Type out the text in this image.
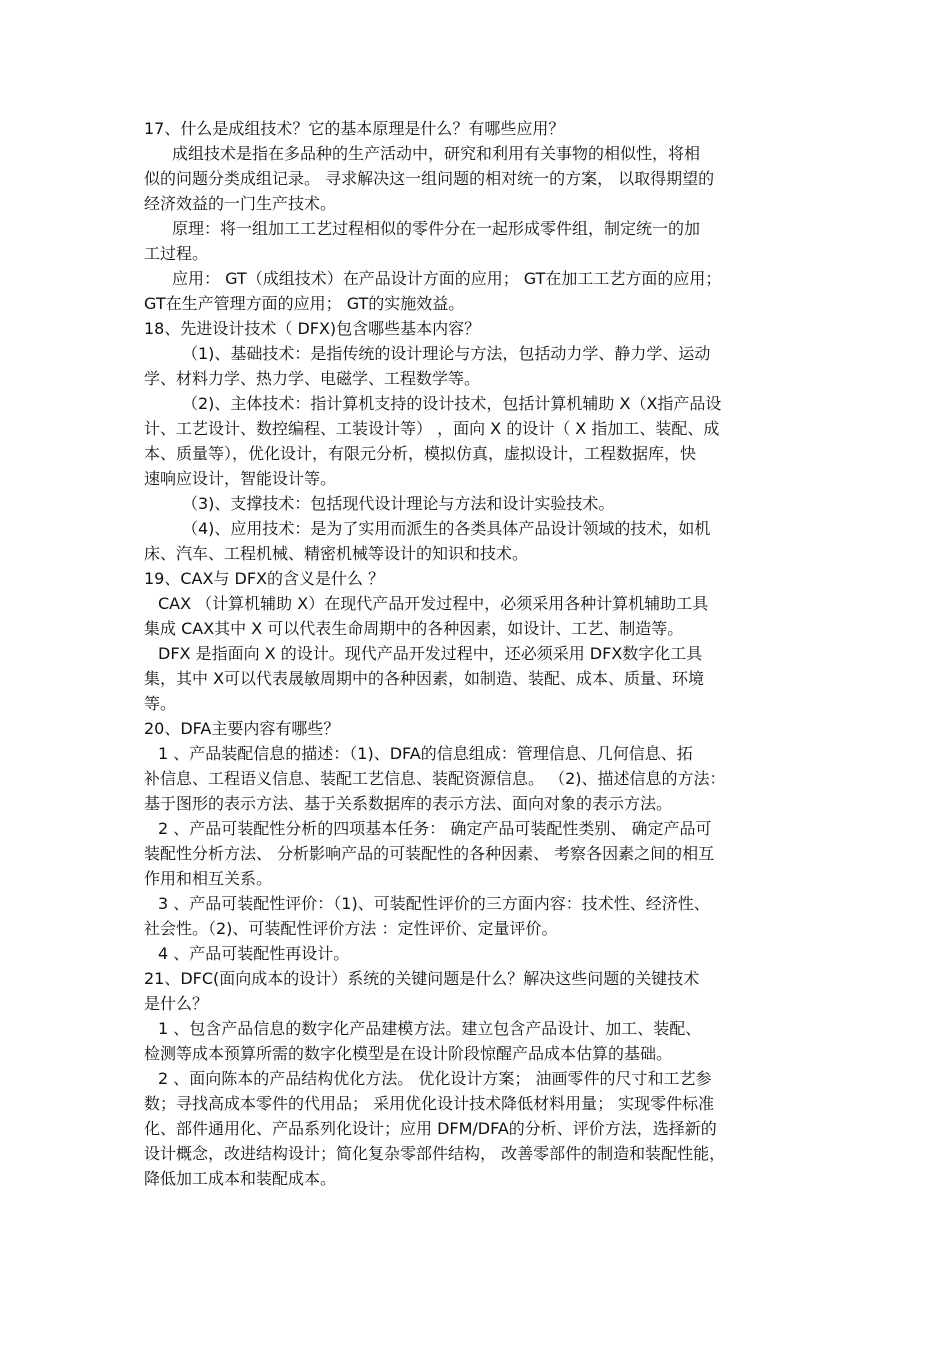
17、什么是成组技术？它的基本原理是什么？有哪些应用？
成组技术是指在多品种的生产活动中，研究和利用有关事物的相似性，将相
似的问题分类成组记录。 寻求解决这一组问题的相对统一的方案， 以取得期望的
经济效益的一门生产技术。
原理：将一组加工工艺过程相似的零件分在一起形成零件组，制定统一的加
工过程。
应用： GT（成组技术）在产品设计方面的应用； GT在加工工艺方面的应用；
GT在生产管理方面的应用； GT的实施效益。
18、先进设计技术（ DFX)包含哪些基本内容？
（1)、基础技术：是指传统的设计理论与方法，包括动力学、静力学、运动
学、材料力学、热力学、电磁学、工程数学等。
（2)、主体技术：指计算机支持的设计技术，包括计算机辅助 X（X指产品设
计、工艺设计、数控编程、工装设计等） ，面向 X 的设计（ X 指加工、装配、成
本、质量等），优化设计，有限元分析，模拟仿真，虚拟设计，工程数据库，快
速响应设计，智能设计等。
（3)、支撑技术：包括现代设计理论与方法和设计实验技术。
（4)、应用技术：是为了实用而派生的各类具体产品设计领域的技术，如机
床、汽车、工程机械、精密机械等设计的知识和技术。
19、CAX与 DFX的含义是什么 ？
CAX （计算机辅助 X）在现代产品开发过程中，必须采用各种计算机辅助工具
集成 CAX其中 X 可以代表生命周期中的各种因素，如设计、工艺、制造等。
DFX 是指面向 X 的设计。现代产品开发过程中，还必须采用 DFX数字化工具
集，其中 X可以代表晟敏周期中的各种因素，如制造、装配、成本、质量、环境
等。
20、DFA主要内容有哪些？
1 、产品装配信息的描述：（1)、DFA的信息组成：管理信息、几何信息、拓
补信息、工程语义信息、装配工艺信息、装配资源信息。 （2)、描述信息的方法：
基于图形的表示方法、基于关系数据库的表示方法、面向对象的表示方法。
2 、产品可装配性分析的四项基本任务： 确定产品可装配性类别、 确定产品可
装配性分析方法、 分析影响产品的可装配性的各种因素、 考察各因素之间的相互
作用和相互关系。
3 、产品可装配性评价：（1)、可装配性评价的三方面内容：技术性、经济性、
社会性。（2)、可装配性评价方法 ：定性评价、定量评价。
4 、产品可装配性再设计。
21、DFC(面向成本的设计）系统的关键问题是什么？解决这些问题的关键技术
是什么？
1 、包含产品信息的数字化产品建模方法。建立包含产品设计、加工、装配、
检测等成本预算所需的数字化模型是在设计阶段惊醒产品成本估算的基础。
2 、面向陈本的产品结构优化方法。 优化设计方案； 油画零件的尺寸和工艺参
数；寻找高成本零件的代用品； 采用优化设计技术降低材料用量； 实现零件标准
化、部件通用化、产品系列化设计；应用 DFM/DFA的分析、评价方法，选择新的
设计概念，改进结构设计；简化复杂零部件结构， 改善零部件的制造和装配性能，
降低加工成本和装配成本。
